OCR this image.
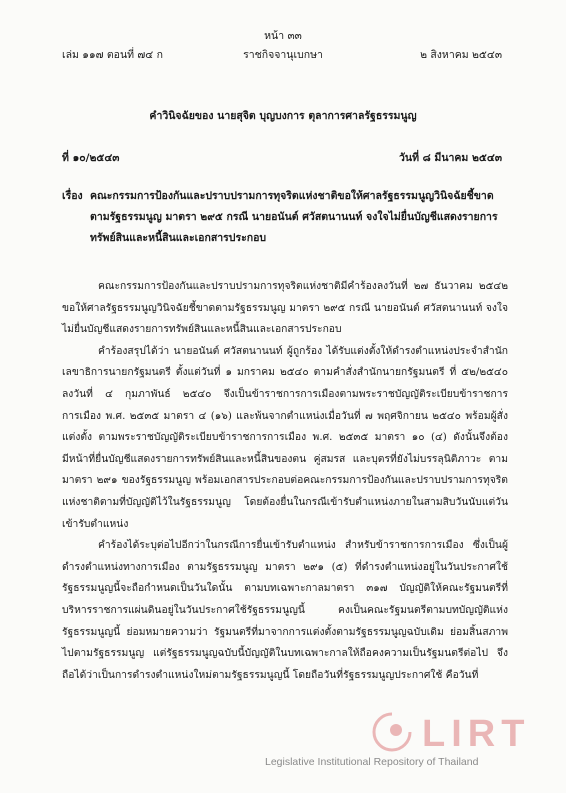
หน้า ๓๓
เล่ม ๑๑๗ ตอนที่ ๗๔ ก	ราชกิจจานุเบกษา	๒ สิงหาคม ๒๕๔๓
คำวินิจฉัยของ นายสุจิต บุญบงการ ตุลาการศาลรัฐธรรมนูญ
ที่ ๑๐/๒๕๔๓	วันที่ ๘ มีนาคม ๒๕๔๓
เรื่อง คณะกรรมการป้องกันและปราบปรามการทุจริตแห่งชาติขอให้ศาลรัฐธรรมนูญวินิจฉัยชี้ขาด ตามรัฐธรรมนูญ มาตรา ๒๙๕ กรณี นายอนันต์ ศวัสตนานนท์ จงใจไม่ยื่นบัญชีแสดงรายการทรัพย์สินและหนี้สินและเอกสารประกอบ

คณะกรรมการป้องกันและปราบปรามการทุจริตแห่งชาติมีคำร้องลงวันที่ ๒๗ ธันวาคม ๒๕๔๒ ขอให้ศาลรัฐธรรมนูญวินิจฉัยชี้ขาดตามรัฐธรรมนูญ มาตรา ๒๙๕ กรณี นายอนันต์ ศวัสตนานนท์ จงใจไม่ยื่นบัญชีแสดงรายการทรัพย์สินและหนี้สินและเอกสารประกอบ

คำร้องสรุปได้ว่า นายอนันต์ ศวัสตนานนท์ ผู้ถูกร้อง ได้รับแต่งตั้งให้ดำรงตำแหน่งประจำสำนักเลขาธิการนายกรัฐมนตรี ตั้งแต่วันที่ ๑ มกราคม ๒๕๔๐ ตามคำสั่งสำนักนายกรัฐมนตรี ที่ ๕๒/๒๕๔๐ ลงวันที่ ๔ กุมภาพันธ์ ๒๕๔๐ จึงเป็นข้าราชการการเมืองตามพระราชบัญญัติระเบียบข้าราชการการเมือง พ.ศ. ๒๕๓๕ มาตรา ๔ (๑๖) และพ้นจากตำแหน่งเมื่อวันที่ ๗ พฤศจิกายน ๒๕๔๐ พร้อมผู้สั่งแต่งตั้ง ตามพระราชบัญญัติระเบียบข้าราชการการเมือง พ.ศ. ๒๕๓๕ มาตรา ๑๐ (๔) ดังนั้นจึงต้องมีหน้าที่ยื่นบัญชีแสดงรายการทรัพย์สินและหนี้สินของตน คู่สมรส และบุตรที่ยังไม่บรรลุนิติภาวะ ตามมาตรา ๒๙๑ ของรัฐธรรมนูญ พร้อมเอกสารประกอบต่อคณะกรรมการป้องกันและปราบปรามการทุจริตแห่งชาติตามที่บัญญัติไว้ในรัฐธรรมนูญ โดยต้องยื่นในกรณีเข้ารับตำแหน่งภายในสามสิบวันนับแต่วันเข้ารับตำแหน่ง

คำร้องได้ระบุต่อไปอีกว่าในกรณีการยื่นเข้ารับตำแหน่ง สำหรับข้าราชการการเมือง ซึ่งเป็นผู้ดำรงตำแหน่งทางการเมือง ตามรัฐธรรมนูญ มาตรา ๒๙๑ (๕) ที่ดำรงตำแหน่งอยู่ในวันประกาศใช้รัฐธรรมนูญนี้จะถือกำหนดเป็นวันใดนั้น ตามบทเฉพาะกาลมาตรา ๓๑๗ บัญญัติให้คณะรัฐมนตรีที่บริหารราชการแผ่นดินอยู่ในวันประกาศใช้รัฐธรรมนูญนี้ คงเป็นคณะรัฐมนตรีตามบทบัญญัติแห่งรัฐธรรมนูญนี้ ย่อมหมายความว่า รัฐมนตรีที่มาจากการแต่งตั้งตามรัฐธรรมนูญฉบับเดิม ย่อมสิ้นสภาพไปตามรัฐธรรมนูญ แต่รัฐธรรมนูญฉบับนี้บัญญัติในบทเฉพาะกาลให้ถือคงความเป็นรัฐมนตรีต่อไป จึงถือได้ว่าเป็นการดำรงตำแหน่งใหม่ตามรัฐธรรมนูญนี้ โดยถือวันที่รัฐธรรมนูญประกาศใช้ คือวันที่

LIRT
Legislative Institutional Repository of Thailand
